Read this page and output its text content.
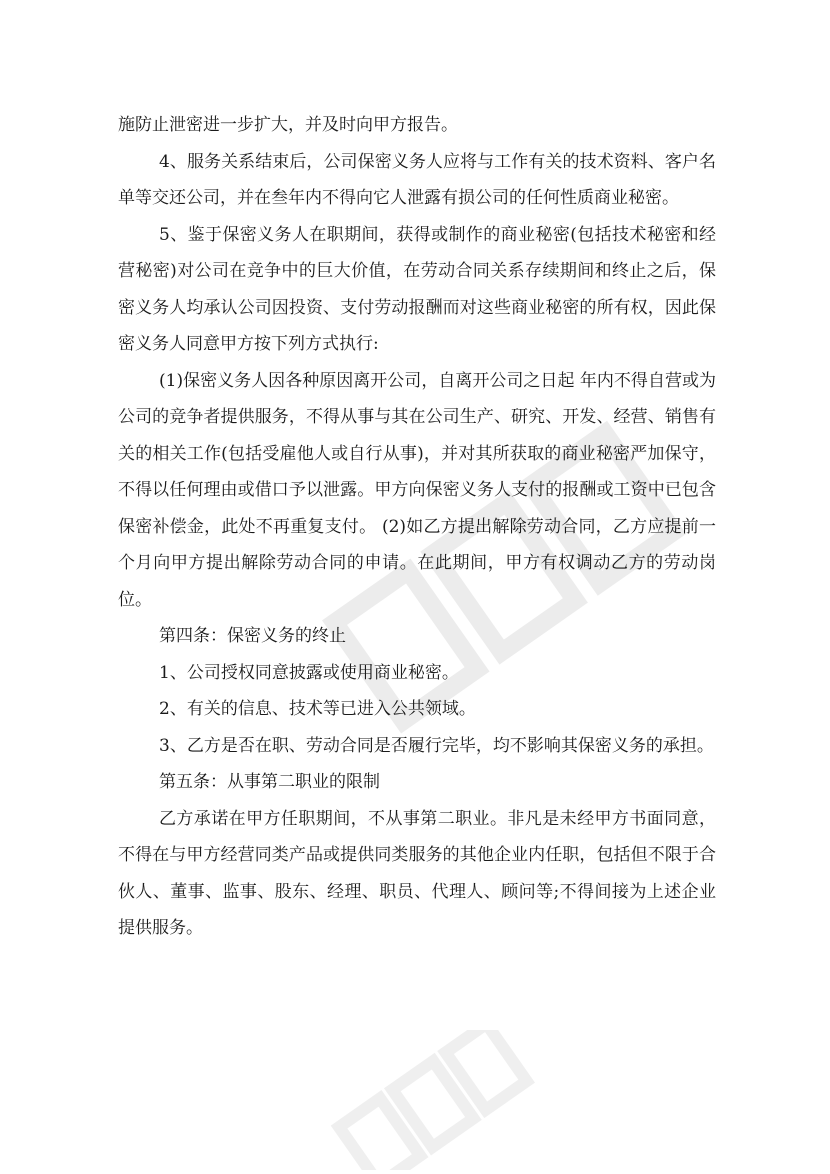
施防止泄密进一步扩大，并及时向甲方报告。

4、服务关系结束后，公司保密义务人应将与工作有关的技术资料、客户名单等交还公司，并在叁年内不得向它人泄露有损公司的任何性质商业秘密。

5、鉴于保密义务人在职期间，获得或制作的商业秘密(包括技术秘密和经营秘密)对公司在竞争中的巨大价值，在劳动合同关系存续期间和终止之后，保密义务人均承认公司因投资、支付劳动报酬而对这些商业秘密的所有权，因此保密义务人同意甲方按下列方式执行:

(1)保密义务人因各种原因离开公司，自离开公司之日起 年内不得自营或为公司的竞争者提供服务，不得从事与其在公司生产、研究、开发、经营、销售有关的相关工作(包括受雇他人或自行从事)，并对其所获取的商业秘密严加保守，不得以任何理由或借口予以泄露。甲方向保密义务人支付的报酬或工资中已包含保密补偿金，此处不再重复支付。 (2)如乙方提出解除劳动合同，乙方应提前一个月向甲方提出解除劳动合同的申请。在此期间，甲方有权调动乙方的劳动岗位。

第四条：保密义务的终止

1、公司授权同意披露或使用商业秘密。

2、有关的信息、技术等已进入公共领域。

3、乙方是否在职、劳动合同是否履行完毕，均不影响其保密义务的承担。

第五条：从事第二职业的限制

乙方承诺在甲方任职期间，不从事第二职业。非凡是未经甲方书面同意，不得在与甲方经营同类产品或提供同类服务的其他企业内任职，包括但不限于合伙人、董事、监事、股东、经理、职员、代理人、顾问等;不得间接为上述企业提供服务。
